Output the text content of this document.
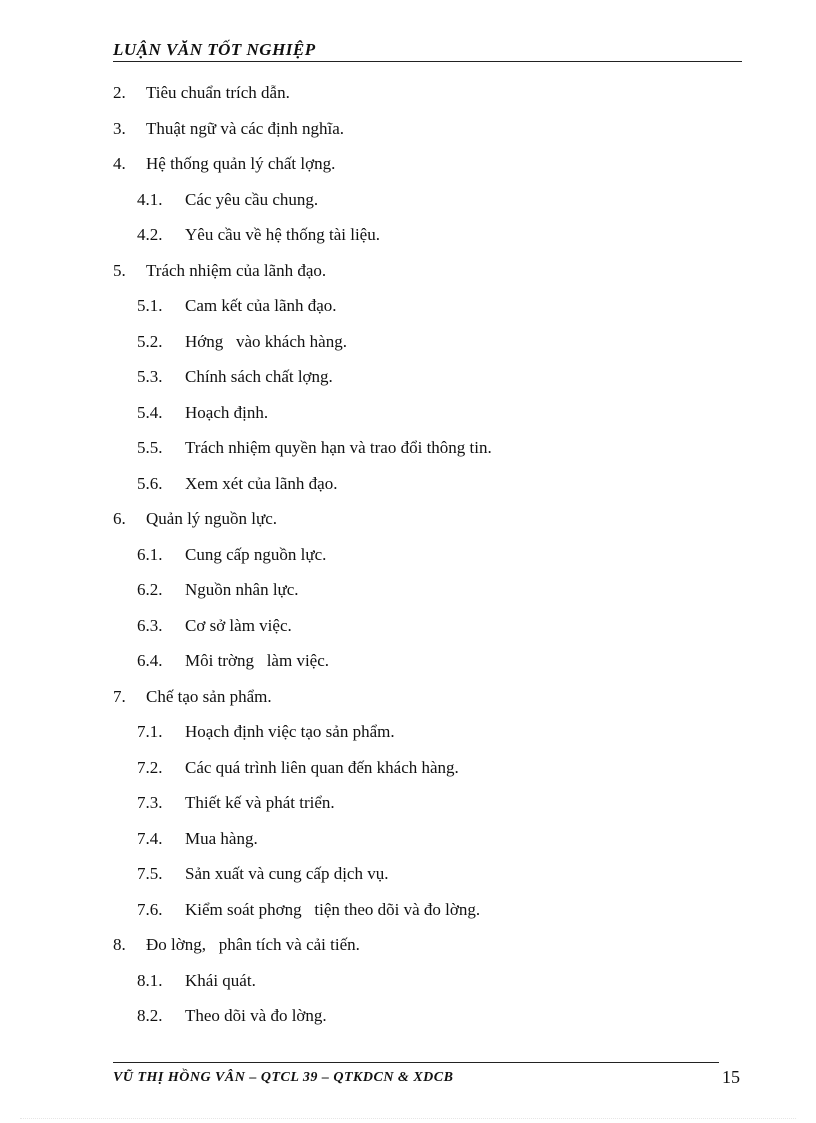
LUẬN VĂN TỐT NGHIỆP
2. Tiêu chuẩn trích dẫn.
3. Thuật ngữ và các định nghĩa.
4. Hệ thống quản lý chất lợng.
4.1. Các yêu cầu chung.
4.2. Yêu cầu về hệ thống tài liệu.
5. Trách nhiệm của lãnh đạo.
5.1. Cam kết của lãnh đạo.
5.2. Hớng   vào khách hàng.
5.3. Chính sách chất lợng.
5.4. Hoạch định.
5.5. Trách nhiệm quyền hạn và trao đổi thông tin.
5.6. Xem xét của lãnh đạo.
6. Quản lý nguồn lực.
6.1. Cung cấp nguồn lực.
6.2. Nguồn nhân lực.
6.3. Cơ sở làm việc.
6.4. Môi trờng   làm việc.
7. Chế tạo sản phẩm.
7.1. Hoạch định việc tạo sản phẩm.
7.2. Các quá trình liên quan đến khách hàng.
7.3. Thiết kế và phát triển.
7.4. Mua hàng.
7.5. Sản xuất và cung cấp dịch vụ.
7.6. Kiểm soát phơng   tiện theo dõi và đo lờng.
8. Đo lờng,   phân tích và cải tiến.
8.1. Khái quát.
8.2. Theo dõi và đo lờng.
VŨ THỊ HỒNG VÂN – QTCL 39 – QTKDCN & XDCB	15
